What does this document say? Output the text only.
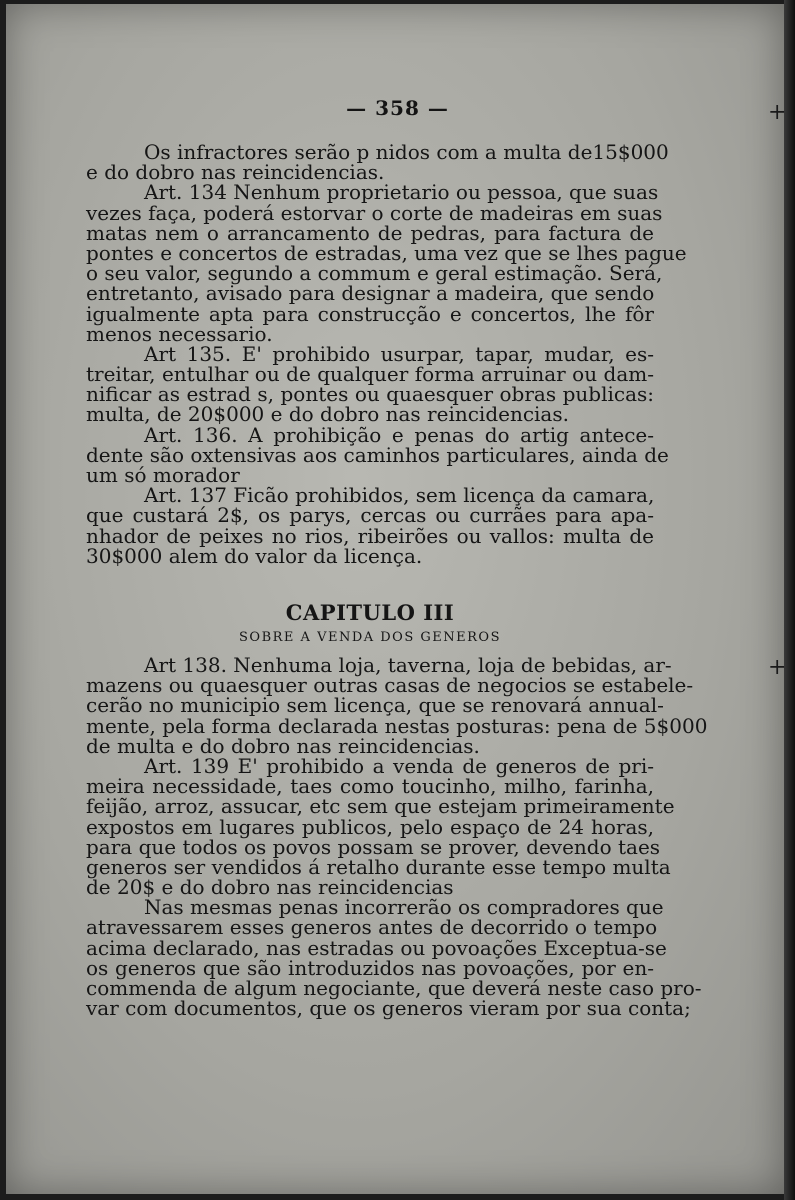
— 358 —
Os infractores serão p nidos com a multa de15$000
e do dobro nas reincidencias.
Art. 134 Nenhum proprietario ou pessoa, que suas
vezes faça, poderá estorvar o corte de madeiras em suas
matas nem o arrancamento de pedras, para factura de
pontes e concertos de estradas, uma vez que se lhes pague
o seu valor, segundo a commum e geral estimação. Será,
entretanto, avisado para designar a madeira, que sendo
igualmente apta para construcção e concertos, lhe fôr
menos necessario.
Art 135. E' prohibido usurpar, tapar, mudar, es-
treitar, entulhar ou de qualquer forma arruinar ou dam-
nificar as estrad s, pontes ou quaesquer obras publicas:
multa, de 20$000 e do dobro nas reincidencias.
Art. 136. A prohibição e penas do artig antece-
dente são oxtensivas aos caminhos particulares, ainda de
um só morador
Art. 137 Ficão prohibidos, sem licença da camara,
que custará 2$, os parys, cercas ou currães para apa-
nhador de peixes no rios, ribeirões ou vallos: multa de
30$000 alem do valor da licença.
CAPITULO III
SOBRE A VENDA DOS GENEROS
Art 138. Nenhuma loja, taverna, loja de bebidas, ar-
mazens ou quaesquer outras casas de negocios se estabele-
cerão no municipio sem licença, que se renovará annual-
mente, pela forma declarada nestas posturas: pena de 5$000
de multa e do dobro nas reincidencias.
Art. 139 E' prohibido a venda de generos de pri-
meira necessidade, taes como toucinho, milho, farinha,
feijão, arroz, assucar, etc sem que estejam primeiramente
expostos em lugares publicos, pelo espaço de 24 horas,
para que todos os povos possam se prover, devendo taes
generos ser vendidos á retalho durante esse tempo multa
de 20$ e do dobro nas reincidencias
Nas mesmas penas incorrerão os compradores que
atravessarem esses generos antes de decorrido o tempo
acima declarado, nas estradas ou povoações Exceptua-se
os generos que são introduzidos nas povoações, por en-
commenda de algum negociante, que deverá neste caso pro-
var com documentos, que os generos vieram por sua conta;
+
+
